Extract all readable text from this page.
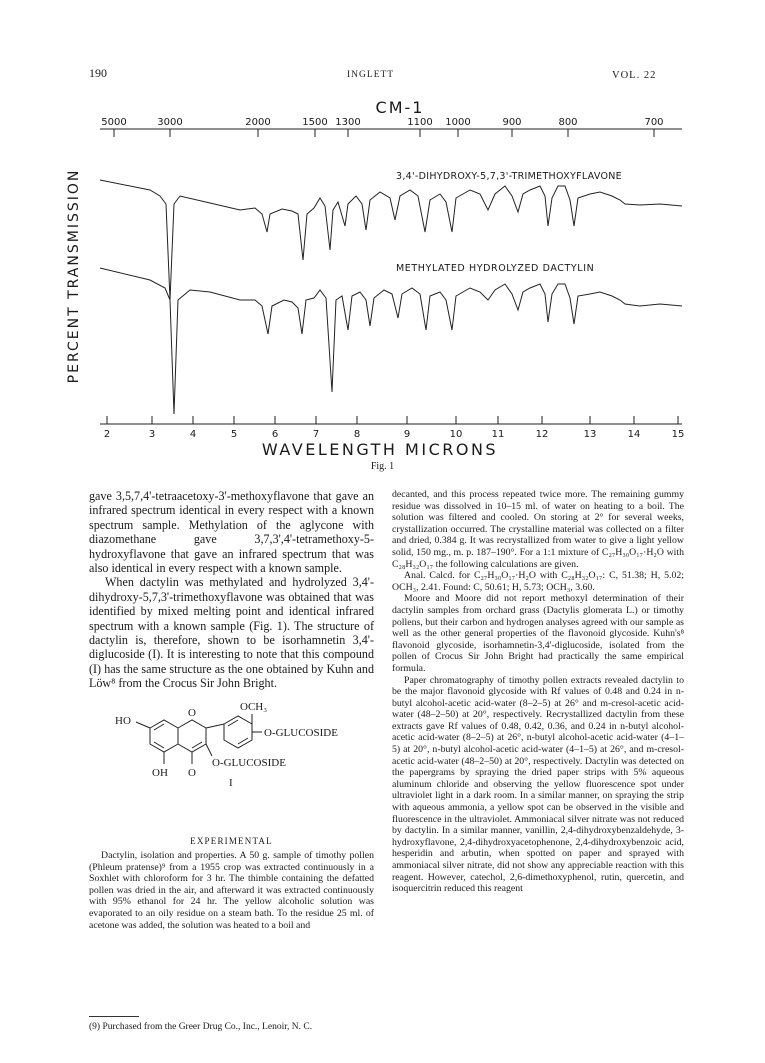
190	INGLETT	VOL. 22
CM-1
5000	3000	2000	1500 1300	1100 1000	900	800	700
2	3	4	5	6	7	8	9	10	11	12	13	14	15
PERCENT TRANSMISSION	3,4'-DIHYDROXY-5,7,3'-TRIMETHOXYFLAVONE
METHYLATED HYDROLYZED DACTYLIN
WAVELENGTH MICRONS
Fig. 1

gave 3,5,7,4'-tetraacetoxy-3'-methoxyflavone that gave an infrared spectrum identical in every respect with a known spectrum sample. Methylation of the aglycone with diazomethane gave 3,7,3',4'-tetramethoxy-5-hydroxyflavone that gave an infrared spectrum that was also identical in every respect with a known sample.

When dactylin was methylated and hydrolyzed 3,4'-dihydroxy-5,7,3'-trimethoxyflavone was obtained that was identified by mixed melting point and identical infrared spectrum with a known sample (Fig. 1). The structure of dactylin is, therefore, shown to be isorhamnetin 3,4'-diglucoside (I). It is interesting to note that this compound (I) has the same structure as the one obtained by Kuhn and Löw⁸ from the Crocus Sir John Bright.

OCH₃
HO
O
O-GLUCOSIDE
O-GLUCOSIDE
OH O
I
EXPERIMENTAL

Dactylin, isolation and properties. A 50 g. sample of timothy pollen (Phleum pratense)⁹ from a 1955 crop was extracted continuously in a Soxhlet with chloroform for 3 hr. The thimble containing the defatted pollen was dried in the air, and afterward it was extracted continuously with 95% ethanol for 24 hr. The yellow alcoholic solution was evaporated to an oily residue on a steam bath. To the residue 25 ml. of acetone was added, the solution was heated to a boil and

(9) Purchased from the Greer Drug Co., Inc., Lenoir, N. C.

decanted, and this process repeated twice more. The remaining gummy residue was dissolved in 10–15 ml. of water on heating to a boil. The solution was filtered and cooled. On storing at 2° for several weeks, crystallization occurred. The crystalline material was collected on a filter and dried, 0.384 g. It was recrystallized from water to give a light yellow solid, 150 mg., m. p. 187–190°. For a 1:1 mixture of C₂₇H₃₀O₁₇·H₂O with C₂₈H₃₂O₁₇ the following calculations are given.

Anal. Calcd. for C₂₇H₃₀O₁₇·H₂O with C₂₈H₃₂O₁₇: C, 51.38; H, 5.02; OCH₃, 2.41. Found: C, 50.61; H, 5.73; OCH₃, 3.60.

Moore and Moore did not report methoxyl determination of their dactylin samples from orchard grass (Dactylis glomerata L.) or timothy pollens, but their carbon and hydrogen analyses agreed with our sample as well as the other general properties of the flavonoid glycoside. Kuhn's⁸ flavonoid glycoside, isorhamnetin-3,4'-diglucoside, isolated from the pollen of Crocus Sir John Bright had practically the same empirical formula.

Paper chromatography of timothy pollen extracts revealed dactylin to be the major flavonoid glycoside with Rf values of 0.48 and 0.24 in n-butyl alcohol-acetic acid-water (8–2–5) at 26° and m-cresol-acetic acid-water (48–2–50) at 20°, respectively. Recrystallized dactylin from these extracts gave Rf values of 0.48, 0.42, 0.36, and 0.24 in n-butyl alcohol-acetic acid-water (8–2–5) at 26°, n-butyl alcohol-acetic acid-water (4–1–5) at 20°, n-butyl alcohol-acetic acid-water (4–1–5) at 26°, and m-cresol-acetic acid-water (48–2–50) at 20°, respectively. Dactylin was detected on the papergrams by spraying the dried paper strips with 5% aqueous aluminum chloride and observing the yellow fluorescence spot under ultraviolet light in a dark room. In a similar manner, on spraying the strip with aqueous ammonia, a yellow spot can be observed in the visible and fluorescence in the ultraviolet. Ammoniacal silver nitrate was not reduced by dactylin. In a similar manner, vanillin, 2,4-dihydroxybenzaldehyde, 3-hydroxyflavone, 2,4-dihydroxyacetophenone, 2,4-dihydroxybenzoic acid, hesperidin and arbutin, when spotted on paper and sprayed with ammoniacal silver nitrate, did not show any appreciable reaction with this reagent. However, catechol, 2,6-dimethoxyphenol, rutin, quercetin, and isoquercitrin reduced this reagent
